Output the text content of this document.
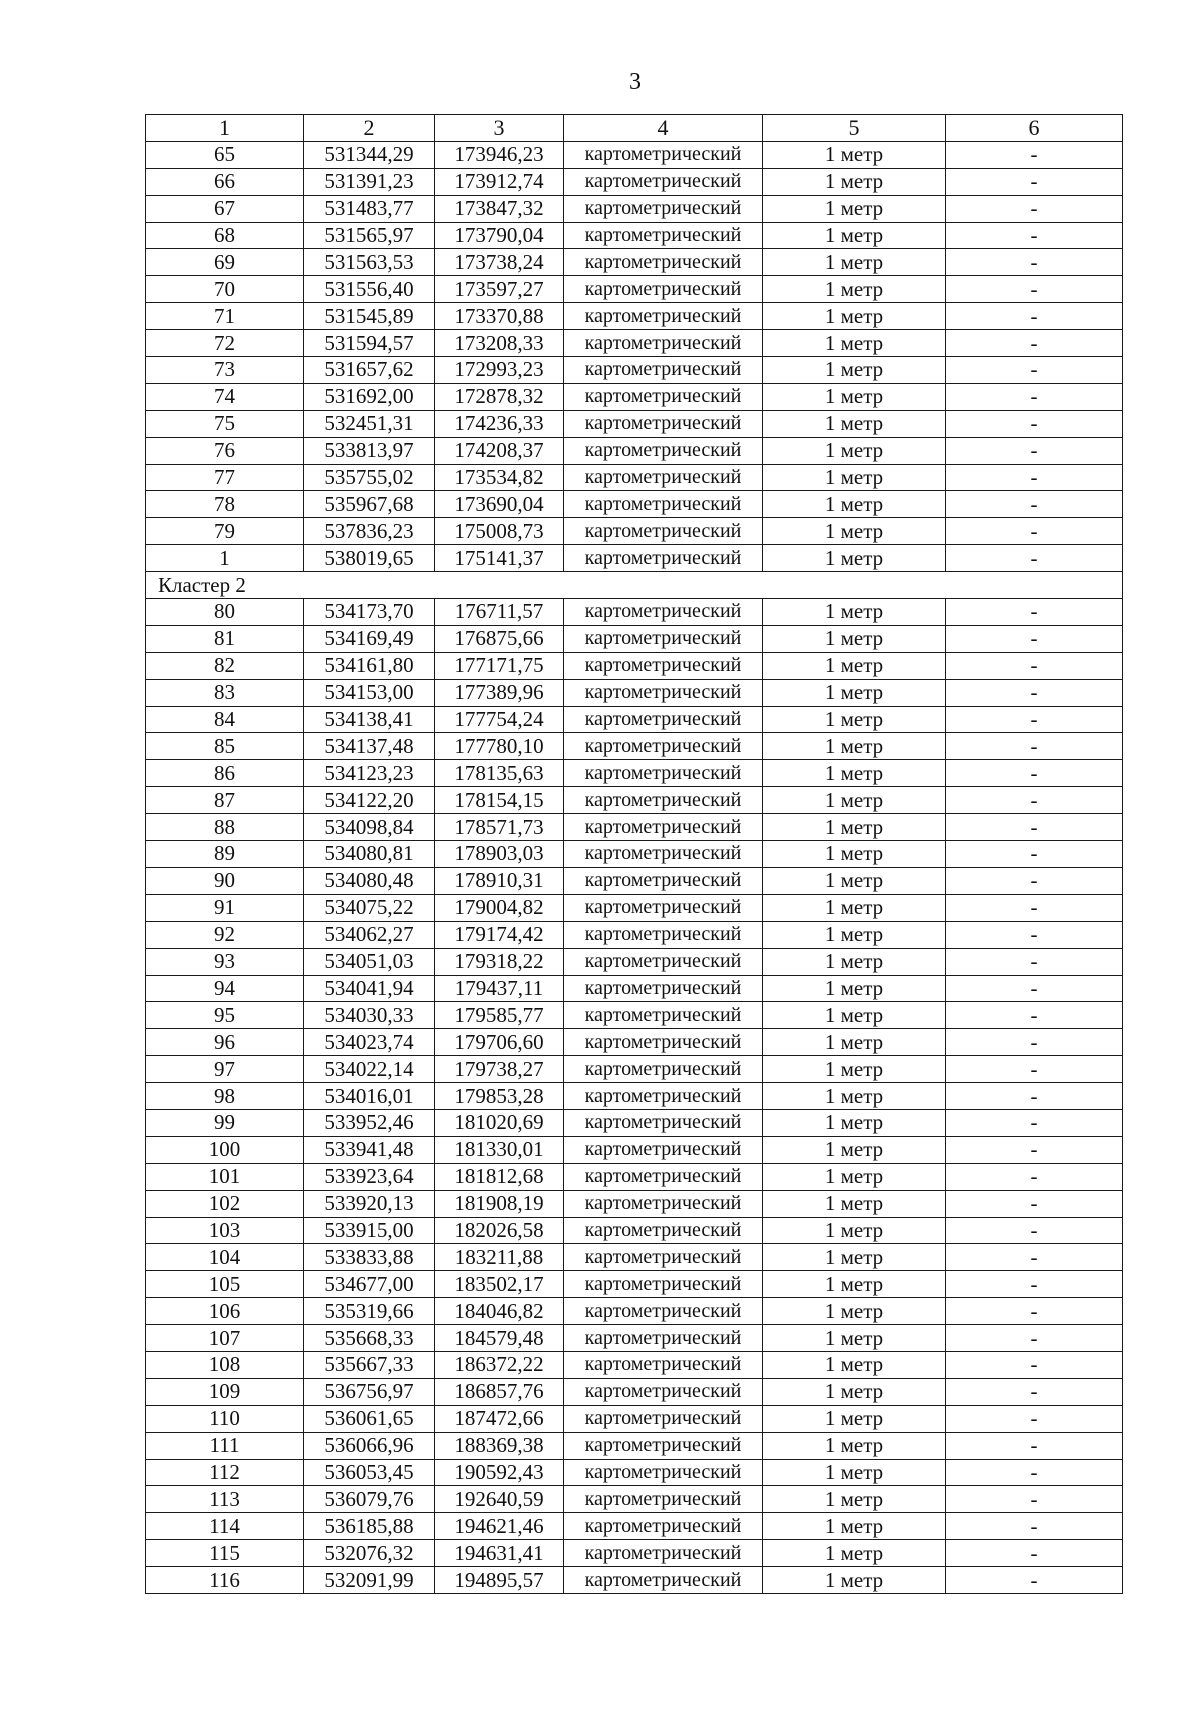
3
1	2	3	4	5	6
65	531344,29	173946,23	картометрический	1 метр	-
66	531391,23	173912,74	картометрический	1 метр	-
67	531483,77	173847,32	картометрический	1 метр	-
68	531565,97	173790,04	картометрический	1 метр	-
69	531563,53	173738,24	картометрический	1 метр	-
70	531556,40	173597,27	картометрический	1 метр	-
71	531545,89	173370,88	картометрический	1 метр	-
72	531594,57	173208,33	картометрический	1 метр	-
73	531657,62	172993,23	картометрический	1 метр	-
74	531692,00	172878,32	картометрический	1 метр	-
75	532451,31	174236,33	картометрический	1 метр	-
76	533813,97	174208,37	картометрический	1 метр	-
77	535755,02	173534,82	картометрический	1 метр	-
78	535967,68	173690,04	картометрический	1 метр	-
79	537836,23	175008,73	картометрический	1 метр	-
1	538019,65	175141,37	картометрический	1 метр	-
Кластер 2					
80	534173,70	176711,57	картометрический	1 метр	-
81	534169,49	176875,66	картометрический	1 метр	-
82	534161,80	177171,75	картометрический	1 метр	-
83	534153,00	177389,96	картометрический	1 метр	-
84	534138,41	177754,24	картометрический	1 метр	-
85	534137,48	177780,10	картометрический	1 метр	-
86	534123,23	178135,63	картометрический	1 метр	-
87	534122,20	178154,15	картометрический	1 метр	-
88	534098,84	178571,73	картометрический	1 метр	-
89	534080,81	178903,03	картометрический	1 метр	-
90	534080,48	178910,31	картометрический	1 метр	-
91	534075,22	179004,82	картометрический	1 метр	-
92	534062,27	179174,42	картометрический	1 метр	-
93	534051,03	179318,22	картометрический	1 метр	-
94	534041,94	179437,11	картометрический	1 метр	-
95	534030,33	179585,77	картометрический	1 метр	-
96	534023,74	179706,60	картометрический	1 метр	-
97	534022,14	179738,27	картометрический	1 метр	-
98	534016,01	179853,28	картометрический	1 метр	-
99	533952,46	181020,69	картометрический	1 метр	-
100	533941,48	181330,01	картометрический	1 метр	-
101	533923,64	181812,68	картометрический	1 метр	-
102	533920,13	181908,19	картометрический	1 метр	-
103	533915,00	182026,58	картометрический	1 метр	-
104	533833,88	183211,88	картометрический	1 метр	-
105	534677,00	183502,17	картометрический	1 метр	-
106	535319,66	184046,82	картометрический	1 метр	-
107	535668,33	184579,48	картометрический	1 метр	-
108	535667,33	186372,22	картометрический	1 метр	-
109	536756,97	186857,76	картометрический	1 метр	-
110	536061,65	187472,66	картометрический	1 метр	-
111	536066,96	188369,38	картометрический	1 метр	-
112	536053,45	190592,43	картометрический	1 метр	-
113	536079,76	192640,59	картометрический	1 метр	-
114	536185,88	194621,46	картометрический	1 метр	-
115	532076,32	194631,41	картометрический	1 метр	-
116	532091,99	194895,57	картометрический	1 метр	-
